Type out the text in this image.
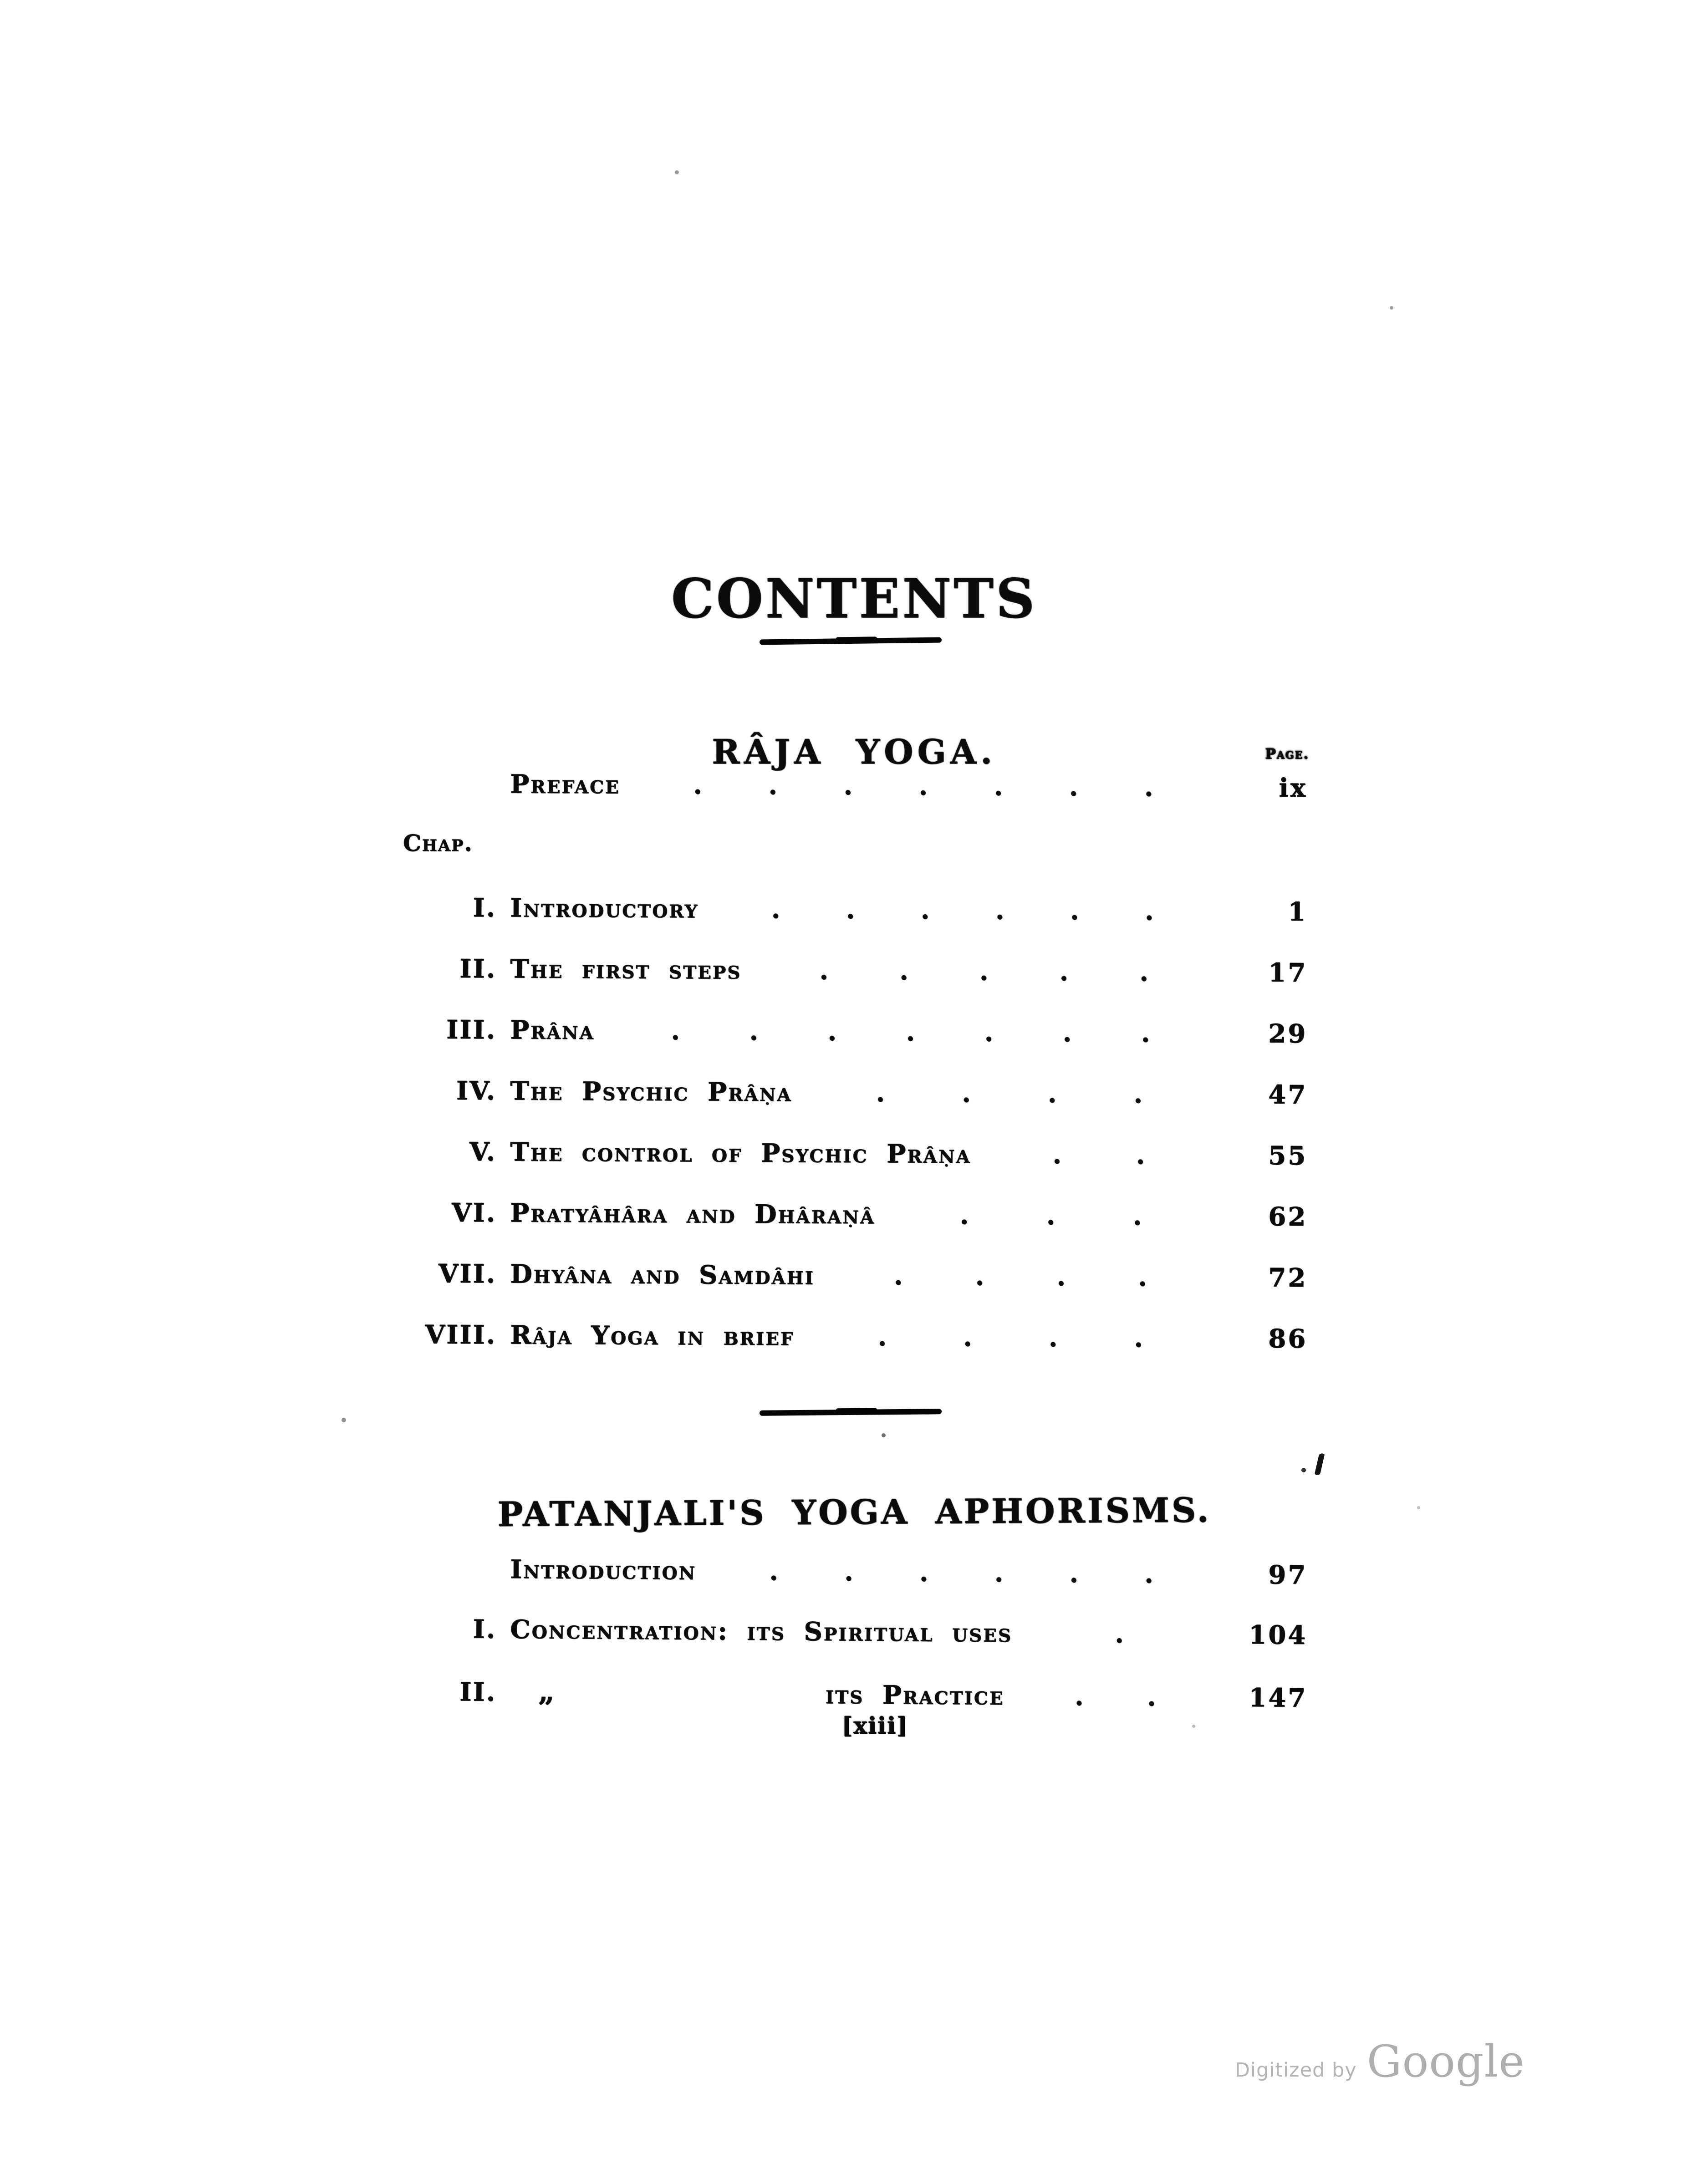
CONTENTS
RÂJA YOGA.	Page.
Chap.
Preface	.	.	.	.	.	.	.	ix
I. Introductory	.	.	.	.	.	.	1
II. The first steps	.	.	.	.	.	17
III. Prâna	.	.	.	.	.	.	.	29
IV. The Psychic Prâṇa	.	.	.	.	47
V. The control of Psychic Prâṇa	.	.	55
VI. Pratyâhâra and Dhâraṇâ	.	.	.	62
VII. Dhyâna and Samdâhi	.	.	.	.	72
VIII. Râja Yoga in brief	.	.	.	.	86
PATANJALI'S YOGA APHORISMS.
Introduction	.	.	.	.	.	.	97
I. Concentration: its Spiritual uses	.	104
II. „	its Practice	. .	147
[xiii]
Digitized by Google
